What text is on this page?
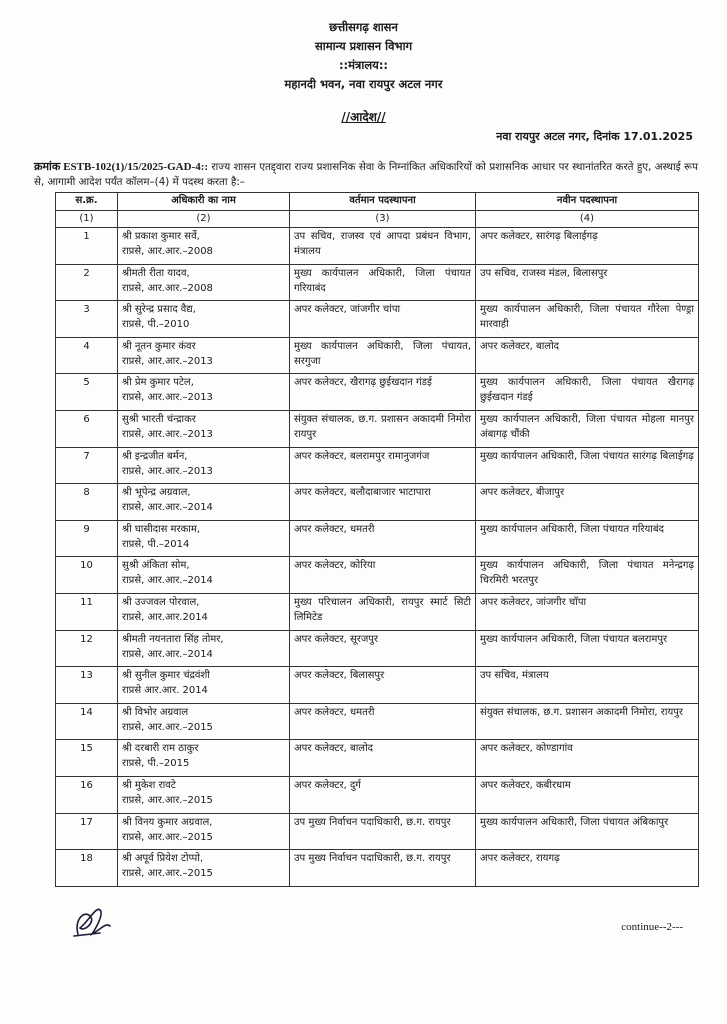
छत्तीसगढ़ शासन
सामान्य प्रशासन विभाग
::मंत्रालय::
महानदी भवन, नवा रायपुर अटल नगर
//आदेश//
नवा रायपुर अटल नगर, दिनांक 17.01.2025
क्रमांक ESTB-102(1)/15/2025-GAD-4:: राज्य शासन एतद्द्वारा राज्य प्रशासनिक सेवा के निम्नांकित अधिकारियों को प्रशासनिक आधार पर स्थानांतरित करते हुए, अस्थाई रूप से, आगामी आदेश पर्यंत कॉलम–(4) में पदस्थ करता है:–
स.क्र.	अधिकारी का नाम	वर्तमान पदस्थापना	नवीन पदस्थापना
(1)	(2)	(3)	(4)
1	श्री प्रकाश कुमार सर्वे,
राप्रसे, आर.आर.–2008	उप सचिव, राजस्व एवं आपदा प्रबंधन विभाग, मंत्रालय	अपर कलेक्टर, सारंगढ़ बिलाईगढ़
2	श्रीमती रीता यादव,
राप्रसे, आर.आर.–2008	मुख्य कार्यपालन अधिकारी, जिला पंचायत गरियाबंद	उप सचिव, राजस्व मंडल, बिलासपुर
3	श्री सुरेन्द्र प्रसाद वैद्य,
राप्रसे, पी.–2010	अपर कलेक्टर, जांजगीर चांपा	मुख्य कार्यपालन अधिकारी, जिला पंचायत गौरेला पेण्ड्रा मारवाही
4	श्री नूतन कुमार कंवर
राप्रसे, आर.आर.–2013	मुख्य कार्यपालन अधिकारी, जिला पंचायत, सरगुजा	अपर कलेक्टर, बालोद
5	श्री प्रेम कुमार पटेल,
राप्रसे, आर.आर.–2013	अपर कलेक्टर, खैरागढ़ छुईखदान गंडई	मुख्य कार्यपालन अधिकारी, जिला पंचायत खैरागढ़ छुईखदान गंडई
6	सुश्री भारती चंन्द्राकर
राप्रसे, आर.आर.–2013	संयुक्त संचालक, छ.ग. प्रशासन अकादमी निमोरा रायपुर	मुख्य कार्यपालन अधिकारी, जिला पंचायत मोहला मानपुर अंबागढ़ चौंकी
7	श्री इन्द्रजीत बर्मन,
राप्रसे, आर.आर.–2013	अपर कलेक्टर, बलरामपुर रामानुजगंज	मुख्य कार्यपालन अधिकारी, जिला पंचायत सारंगढ़ बिलाईगढ़
8	श्री भूपेन्द्र अग्रवाल,
राप्रसे, आर.आर.–2014	अपर कलेक्टर, बलौदाबाजार भाटापारा	अपर कलेक्टर, बीजापुर
9	श्री घासीदास मरकाम,
राप्रसे, पी.–2014	अपर कलेक्टर, धमतरी	मुख्य कार्यपालन अधिकारी, जिला पंचायत गरियाबंद
10	सुश्री अंकिता सोम,
राप्रसे, आर.आर.–2014	अपर कलेक्टर, कोरिया	मुख्य कार्यपालन अधिकारी, जिला पंचायत मनेन्द्रगढ़ चिरमिरी भरतपुर
11	श्री उज्जवल पोरवाल,
राप्रसे, आर.आर.2014	मुख्य परिचालन अधिकारी, रायपुर स्मार्ट सिटी लिमिटेड	अपर कलेक्टर, जांजगीर चॉपा
12	श्रीमती नयनतारा सिंह तोमर,
राप्रसे, आर.आर.–2014	अपर कलेक्टर, सूरजपुर	मुख्य कार्यपालन अधिकारी, जिला पंचायत बलरामपुर
13	श्री सुनील कुमार चंद्रवंशी
राप्रसे आर.आर. 2014	अपर कलेक्टर, बिलासपुर	उप सचिव, मंत्रालय
14	श्री विभोर अग्रवाल
राप्रसे, आर.आर.–2015	अपर कलेक्टर, धमतरी	संयुक्त संचालक, छ.ग. प्रशासन अकादमी निमोरा, रायपुर
15	श्री दरबारी राम ठाकुर
राप्रसे, पी.–2015	अपर कलेक्टर, बालोद	अपर कलेक्टर, कोण्डागांव
16	श्री मुकेश रावटे
राप्रसे, आर.आर.–2015	अपर कलेक्टर, दुर्ग	अपर कलेक्टर, कबीरधाम
17	श्री विनय कुमार अग्रवाल,
राप्रसे, आर.आर.–2015	उप मुख्य निर्वाचन पदाधिकारी, छ.ग. रायपुर	मुख्य कार्यपालन अधिकारी, जिला पंचायत अंबिकापुर
18	श्री अपूर्व प्रियेश टोप्पो,
राप्रसे, आर.आर.–2015	उप मुख्य निर्वाचन पदाधिकारी, छ.ग. रायपुर	अपर कलेक्टर, रायगढ़
continue--2---
